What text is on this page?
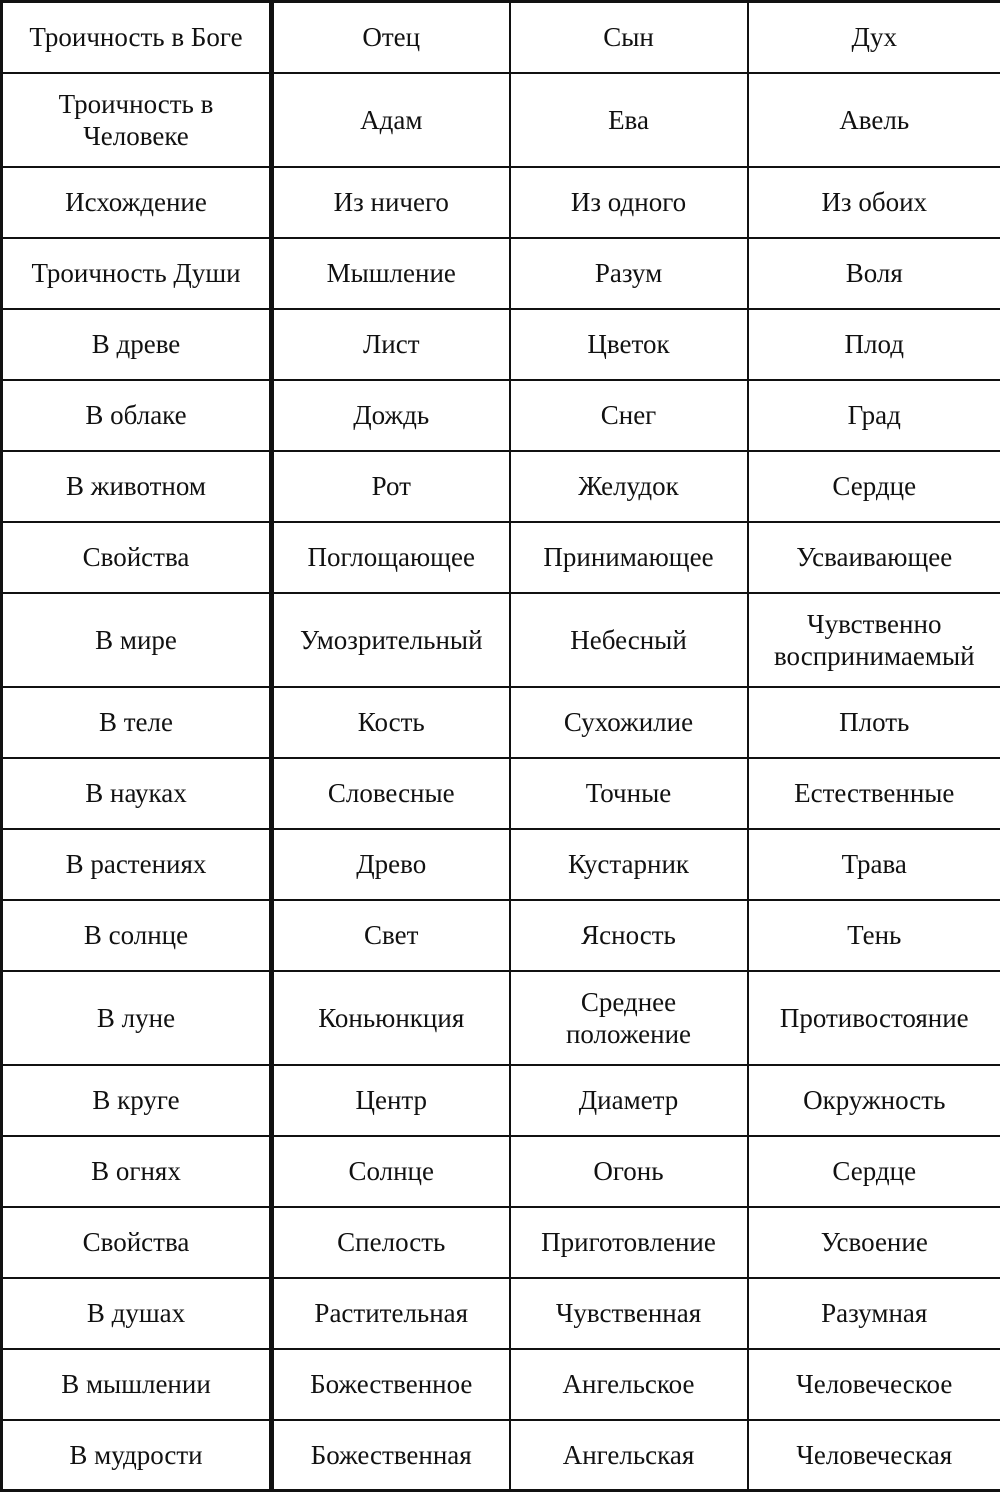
Троичность в Боге	Отец	Сын	Дух
Троичность в Человеке	Адам	Ева	Авель
Исхождение	Из ничего	Из одного	Из обоих
Троичность Души	Мышление	Разум	Воля
В древе	Лист	Цветок	Плод
В облаке	Дождь	Снег	Град
В животном	Рот	Желудок	Сердце
Свойства	Поглощающее	Принимающее	Усваивающее
В мире	Умозрительный	Небесный	Чувственно воспринимаемый
В теле	Кость	Сухожилие	Плоть
В науках	Словесные	Точные	Естественные
В растениях	Древо	Кустарник	Трава
В солнце	Свет	Ясность	Тень
В луне	Коньюнкция	Среднее положение	Противостояние
В круге	Центр	Диаметр	Окружность
В огнях	Солнце	Огонь	Сердце
Свойства	Спелость	Приготовление	Усвоение
В душах	Растительная	Чувственная	Разумная
В мышлении	Божественное	Ангельское	Человеческое
В мудрости	Божественная	Ангельская	Человеческая
